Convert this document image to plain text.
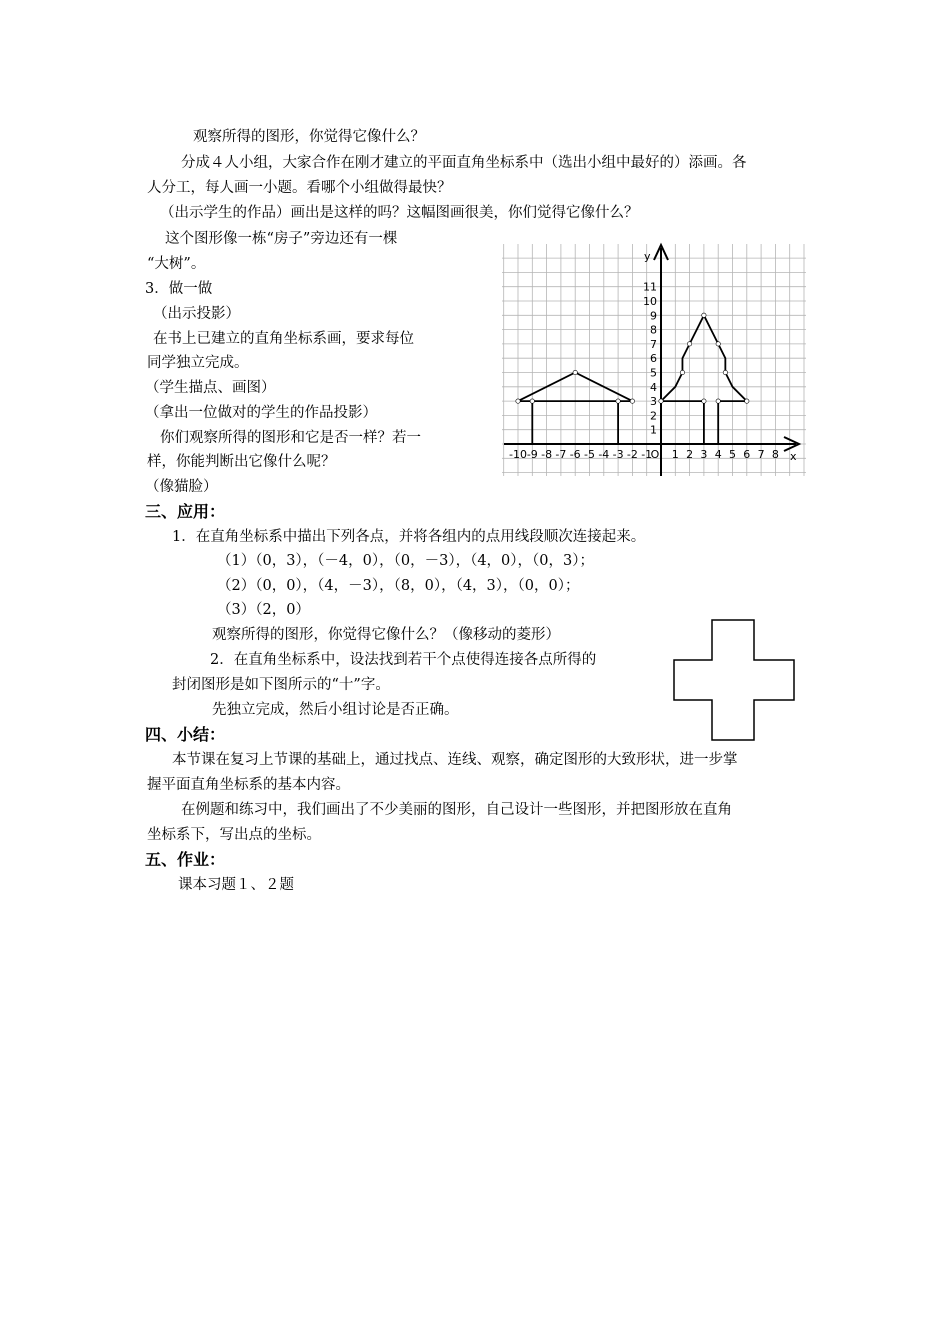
观察所得的图形，你觉得它像什么？
分成４人小组，大家合作在刚才建立的平面直角坐标系中（选出小组中最好的）添画。各
人分工，每人画一小题。看哪个小组做得最快？
（出示学生的作品）画出是这样的吗？这幅图画很美，你们觉得它像什么？
这个图形像一栋“房子”旁边还有一棵
“大树”。
3．做一做
（出示投影）
在书上已建立的直角坐标系画，要求每位
同学独立完成。
（学生描点、画图）
（拿出一位做对的学生的作品投影）
你们观察所得的图形和它是否一样？若一
样，你能判断出它像什么呢？
（像猫脸）
-10 -9 -8 -7 -6 -5 -4 -3 -2 -1
O 1 2 3 4 5 6 7 8
1
2
3
4
5
6
7
8
9
10
11
x
y
三、应用：
1．在直角坐标系中描出下列各点，并将各组内的点用线段顺次连接起来。
（1）（0，3），（－4，0），（0，－3），（4，0），（0，3）；
（2）（0，0），（4，－3），（8，0），（4，3），（0，0）；
（3）（2，0）
观察所得的图形，你觉得它像什么？（像移动的菱形）
2．在直角坐标系中，设法找到若干个点使得连接各点所得的
封闭图形是如下图所示的“十”字。
先独立完成，然后小组讨论是否正确。
四、小结：
本节课在复习上节课的基础上，通过找点、连线、观察，确定图形的大致形状，进一步掌
握平面直角坐标系的基本内容。
在例题和练习中，我们画出了不少美丽的图形，自己设计一些图形，并把图形放在直角
坐标系下，写出点的坐标。
五、作业：
课本习题１、２题
